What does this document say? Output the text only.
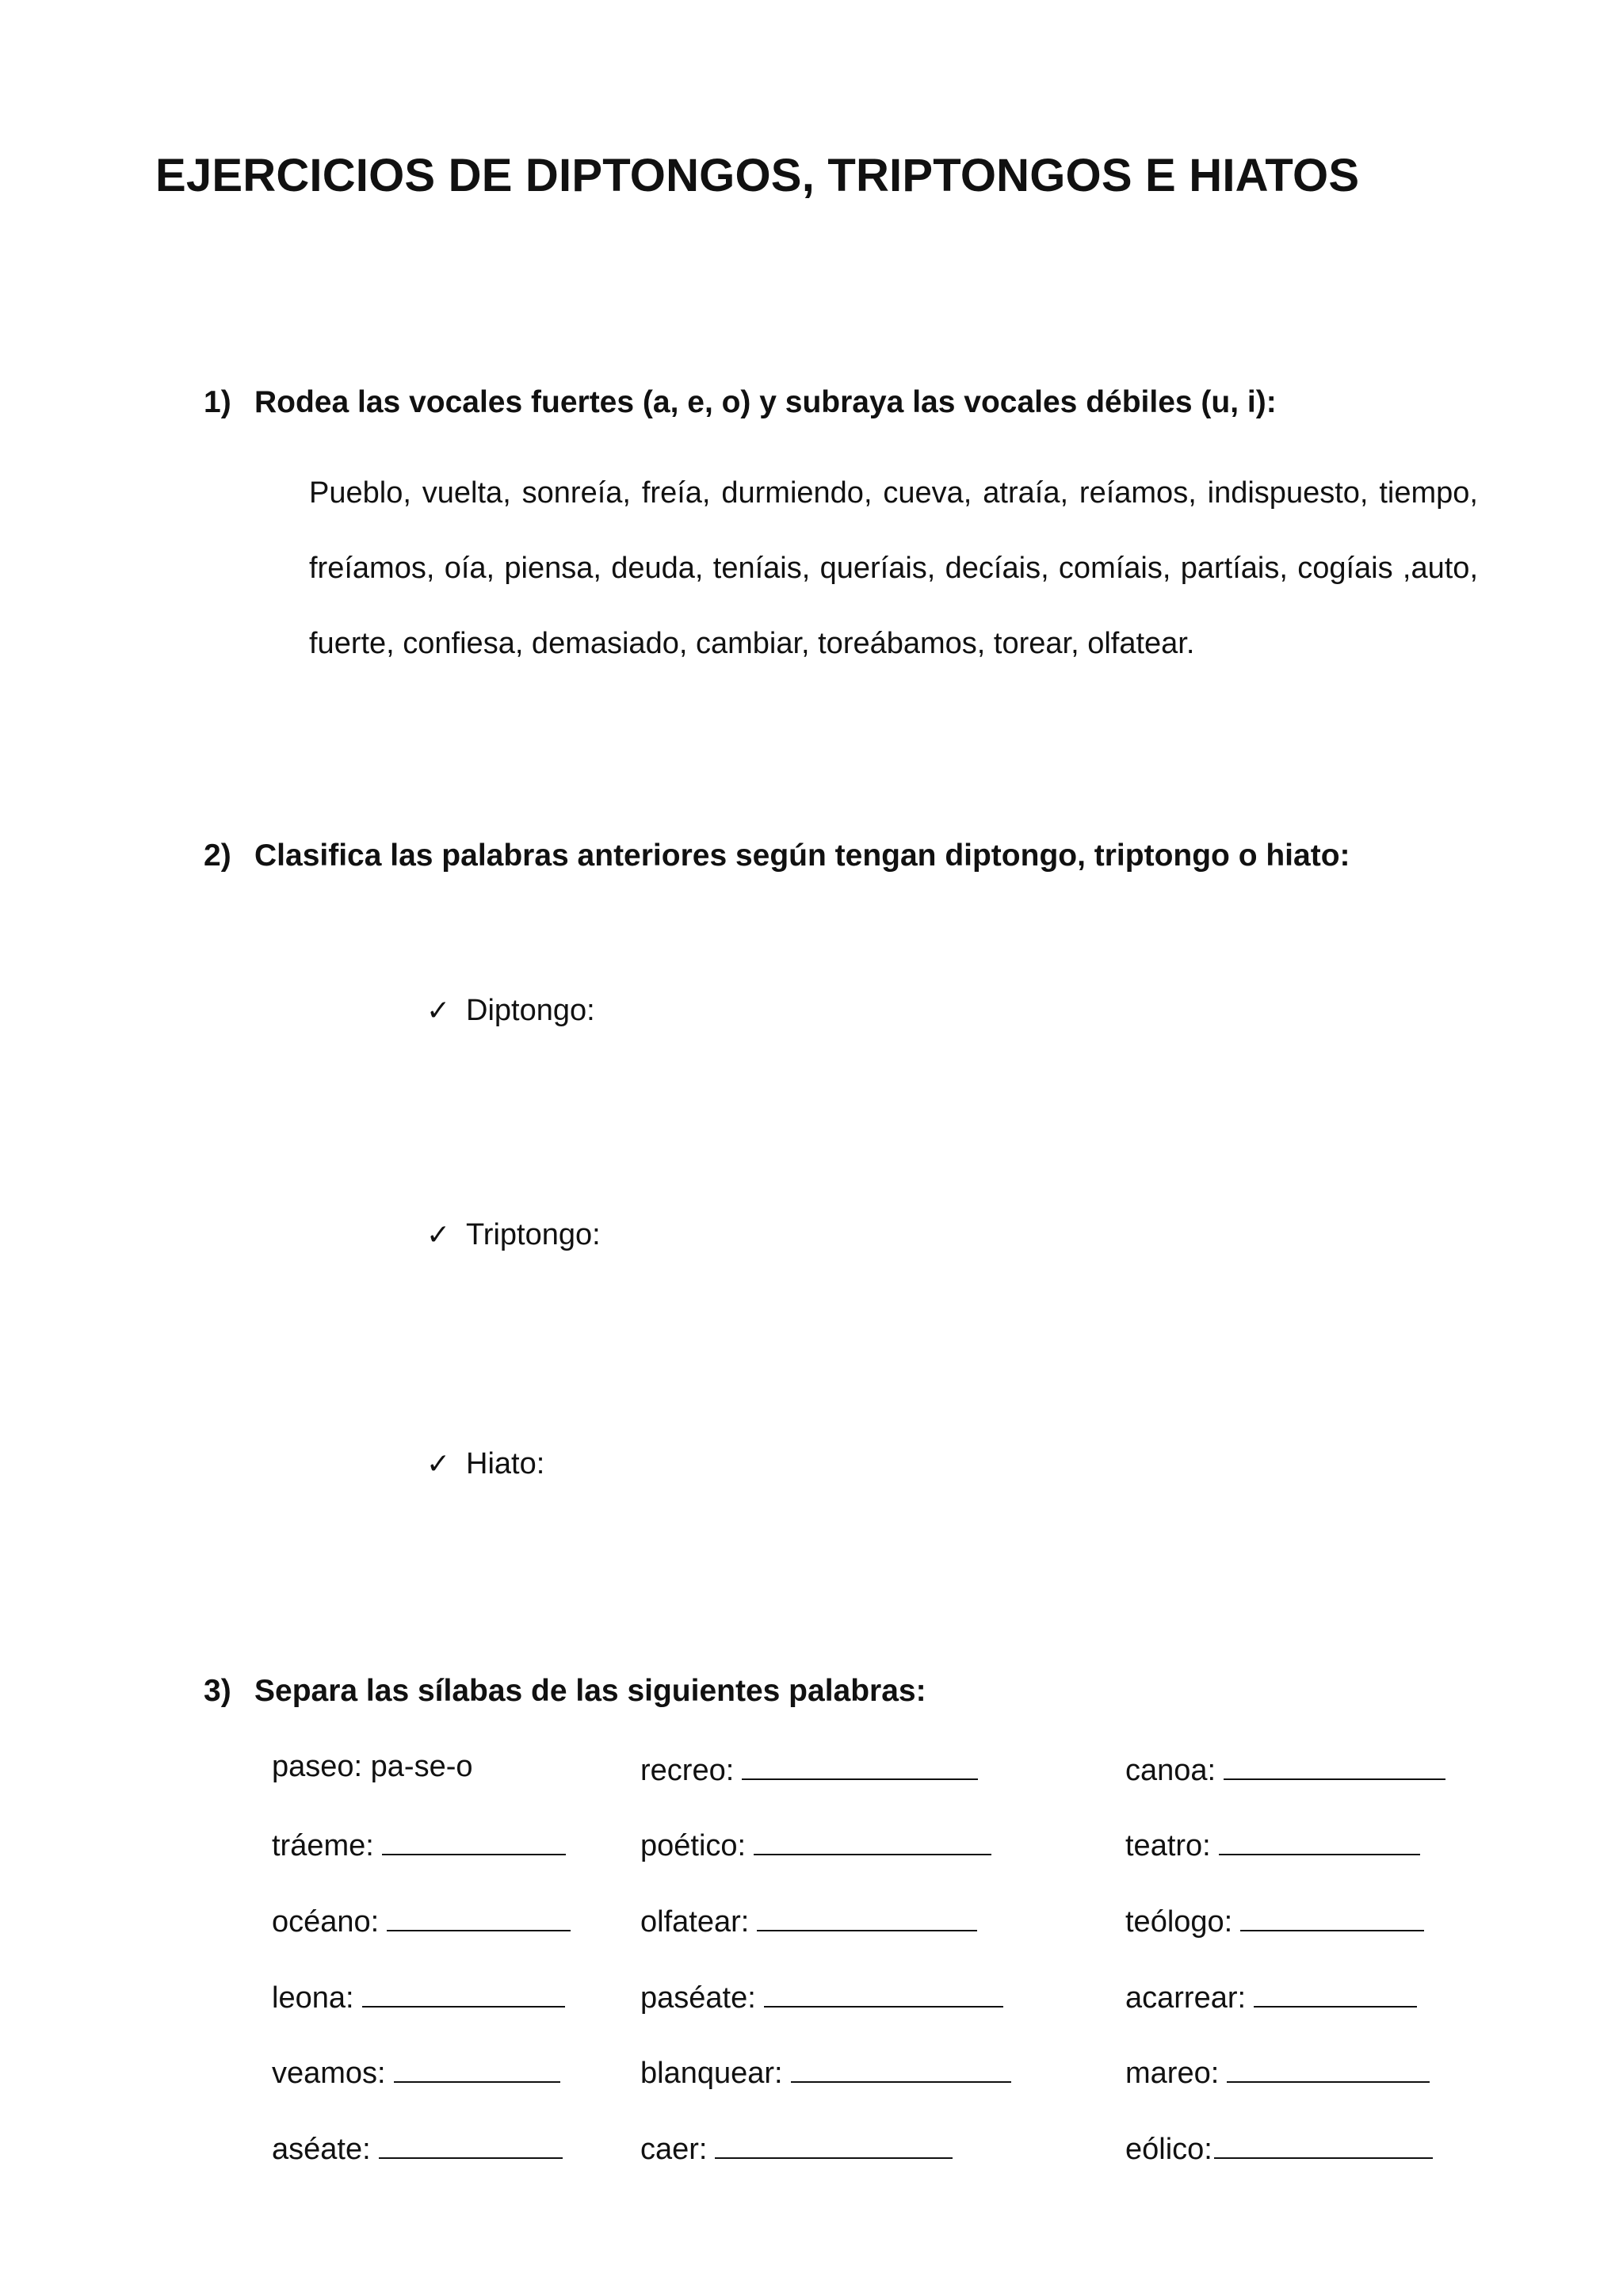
EJERCICIOS DE DIPTONGOS, TRIPTONGOS E HIATOS
1) Rodea las vocales fuertes (a, e, o) y subraya las vocales débiles (u, i):

Pueblo, vuelta, sonreía, freía, durmiendo, cueva, atraía, reíamos, indispuesto, tiempo, freíamos, oía, piensa, deuda, teníais, queríais, decíais, comíais, partíais, cogíais ,auto, fuerte, confiesa, demasiado, cambiar, toreábamos, torear, olfatear.

2) Clasifica las palabras anteriores según tengan diptongo, triptongo o hiato:
✓ Diptongo:
✓ Triptongo:
✓ Hiato:
3) Separa las sílabas de las siguientes palabras:
paseo: pa-se-o	recreo:	canoa:
tráeme:	poético:	teatro:
océano:	olfatear:	teólogo:
leona:	paséate:	acarrear:
veamos:	blanquear:	mareo:
aséate:	caer:	eólico:
